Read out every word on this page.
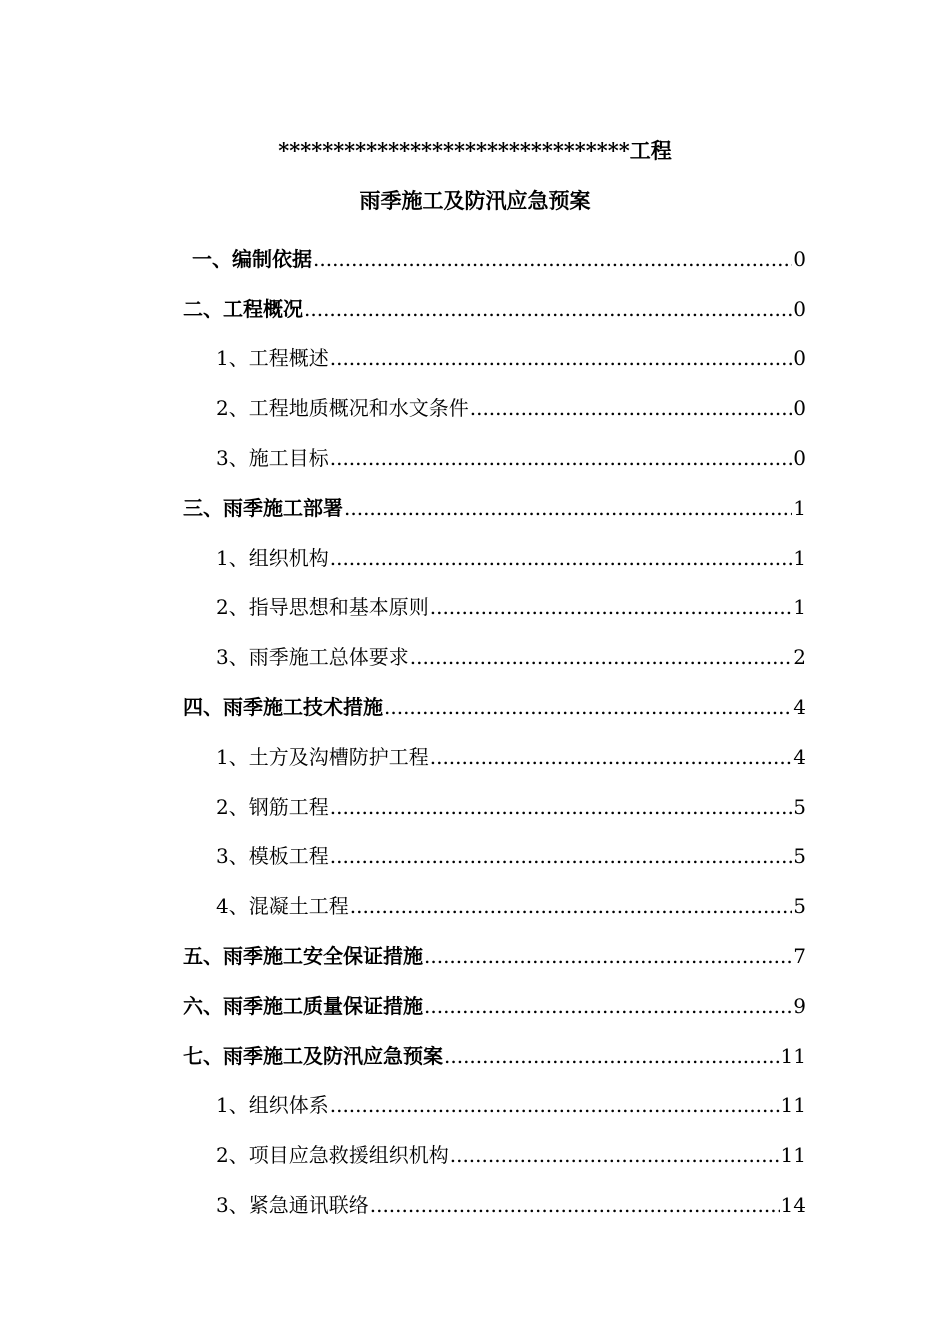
********************************工程
雨季施工及防汛应急预案
一、编制依据 .....	0
二、工程概况 .....	0
1、工程概述 .....	0
2、工程地质概况和水文条件 .....	0
3、施工目标 .....	0
三、雨季施工部署 .....	1
1、组织机构 .....	1
2、指导思想和基本原则 .....	1
3、雨季施工总体要求 .....	2
四、雨季施工技术措施 .....	4
1、土方及沟槽防护工程 .....	4
2、钢筋工程 .....	5
3、模板工程 .....	5
4、混凝土工程 .....	5
五、雨季施工安全保证措施 .....	7
六、雨季施工质量保证措施 .....	9
七、雨季施工及防汛应急预案 .....	11
1、组织体系 .....	11
2、项目应急救援组织机构 .....	11
3、紧急通讯联络 .....	14
